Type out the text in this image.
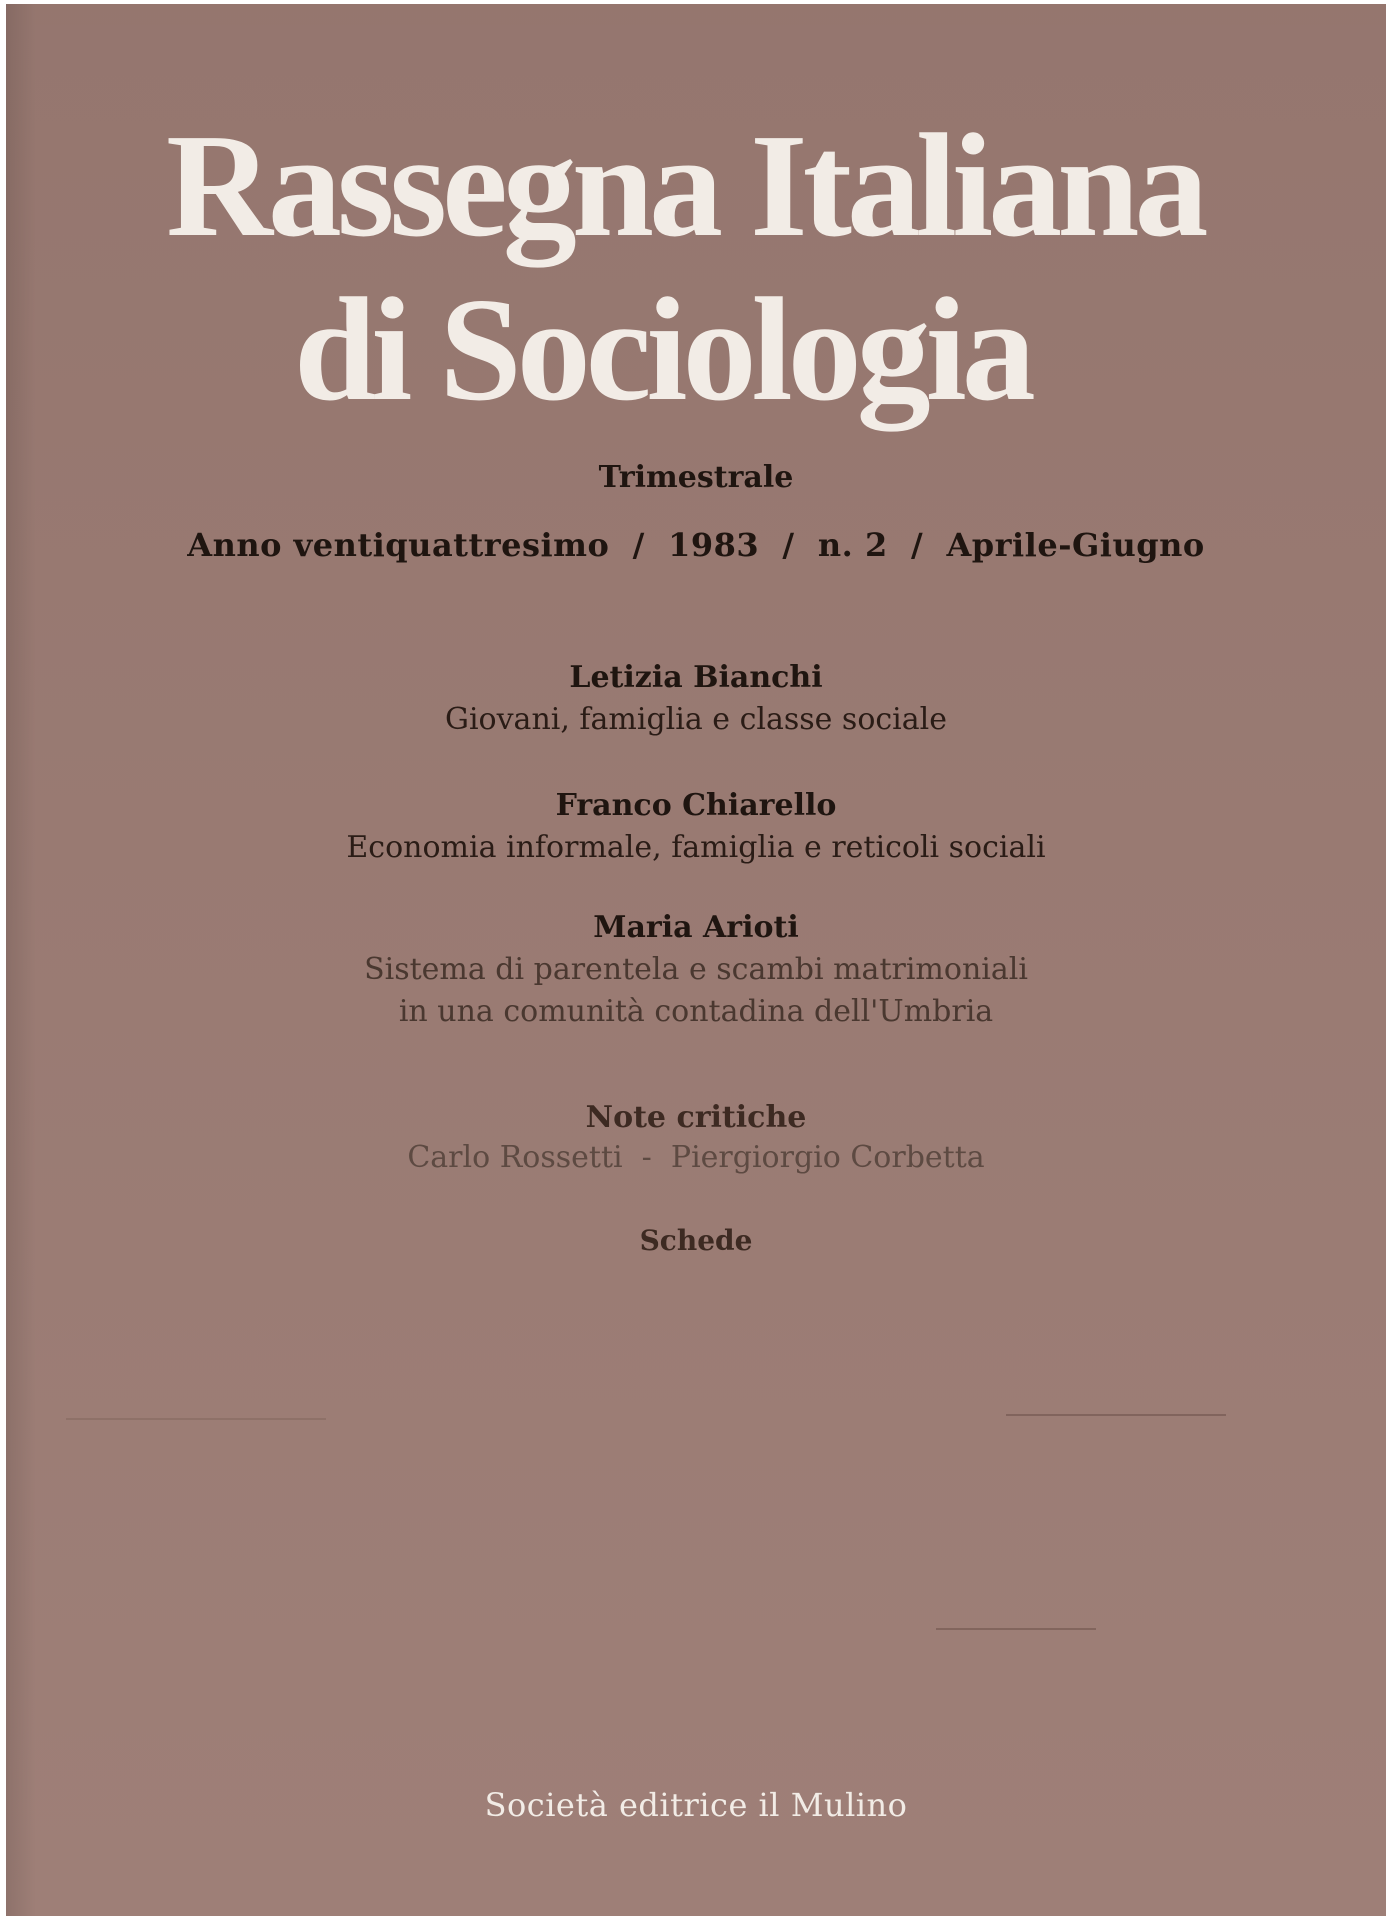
Rassegna Italiana
di Sociologia

Trimestrale

Anno ventiquattresimo  /  1983  /  n. 2  /  Aprile-Giugno

Letizia Bianchi

Giovani, famiglia e classe sociale

Franco Chiarello

Economia informale, famiglia e reticoli sociali

Maria Arioti

Sistema di parentela e scambi matrimoniali

in una comunità contadina dell'Umbria

Note critiche

Carlo Rossetti  -  Piergiorgio Corbetta

Schede

Società editrice il Mulino
